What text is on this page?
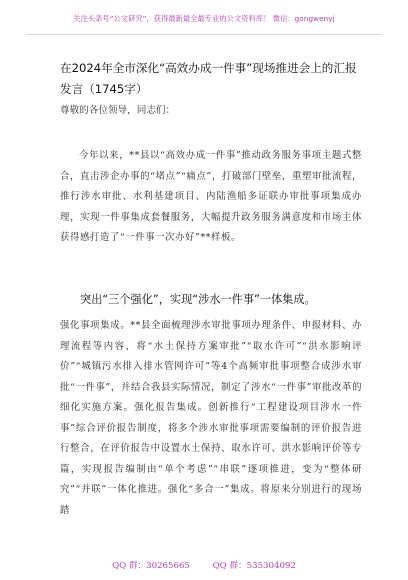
关注头条号“公文研究”，获得最新最全最专业的公文资料库！ 微信：gongwenyj
在2024年全市深化“高效办成一件事”现场推进会上的汇报发言（1745字）
尊敬的各位领导，同志们：
今年以来，**县以“高效办成一件事”推动政务服务事项主题式整合，直击涉企办事的“堵点”“痛点”，打破部门壁垒，重塑审批流程，推行涉水审批、水利基建项目、内陆渔船多证联办审批事项集成办理，实现一件事集成套餐服务，大幅提升政务服务满意度和市场主体获得感打造了“一件事一次办好”**样板。
突出“三个强化”，实现“涉水一件事”一体集成。
强化事项集成。**县全面梳理涉水审批事项办理条件、申报材料、办理流程等内容，将“水土保持方案审批”“取水许可”“洪水影响评价”“城镇污水排入排水管网许可”等4个高频审批事项整合成涉水审批“一件事”，并结合我县实际情况，制定了涉水“一件事”审批改革的细化实施方案。强化报告集成。创新推行“工程建设项目涉水一件事”综合评价报告制度，将多个涉水审批事项需要编制的评价报告进行整合，在评价报告中设置水土保持、取水许可、洪水影响评价等专篇，实现报告编制由“单个考虑”“串联”逐项推进，变为“整体研究”“并联”一体化推进。强化“多合一”集成。将原来分别进行的现场踏
QQ 群：30265665	QQ 群：535304092
